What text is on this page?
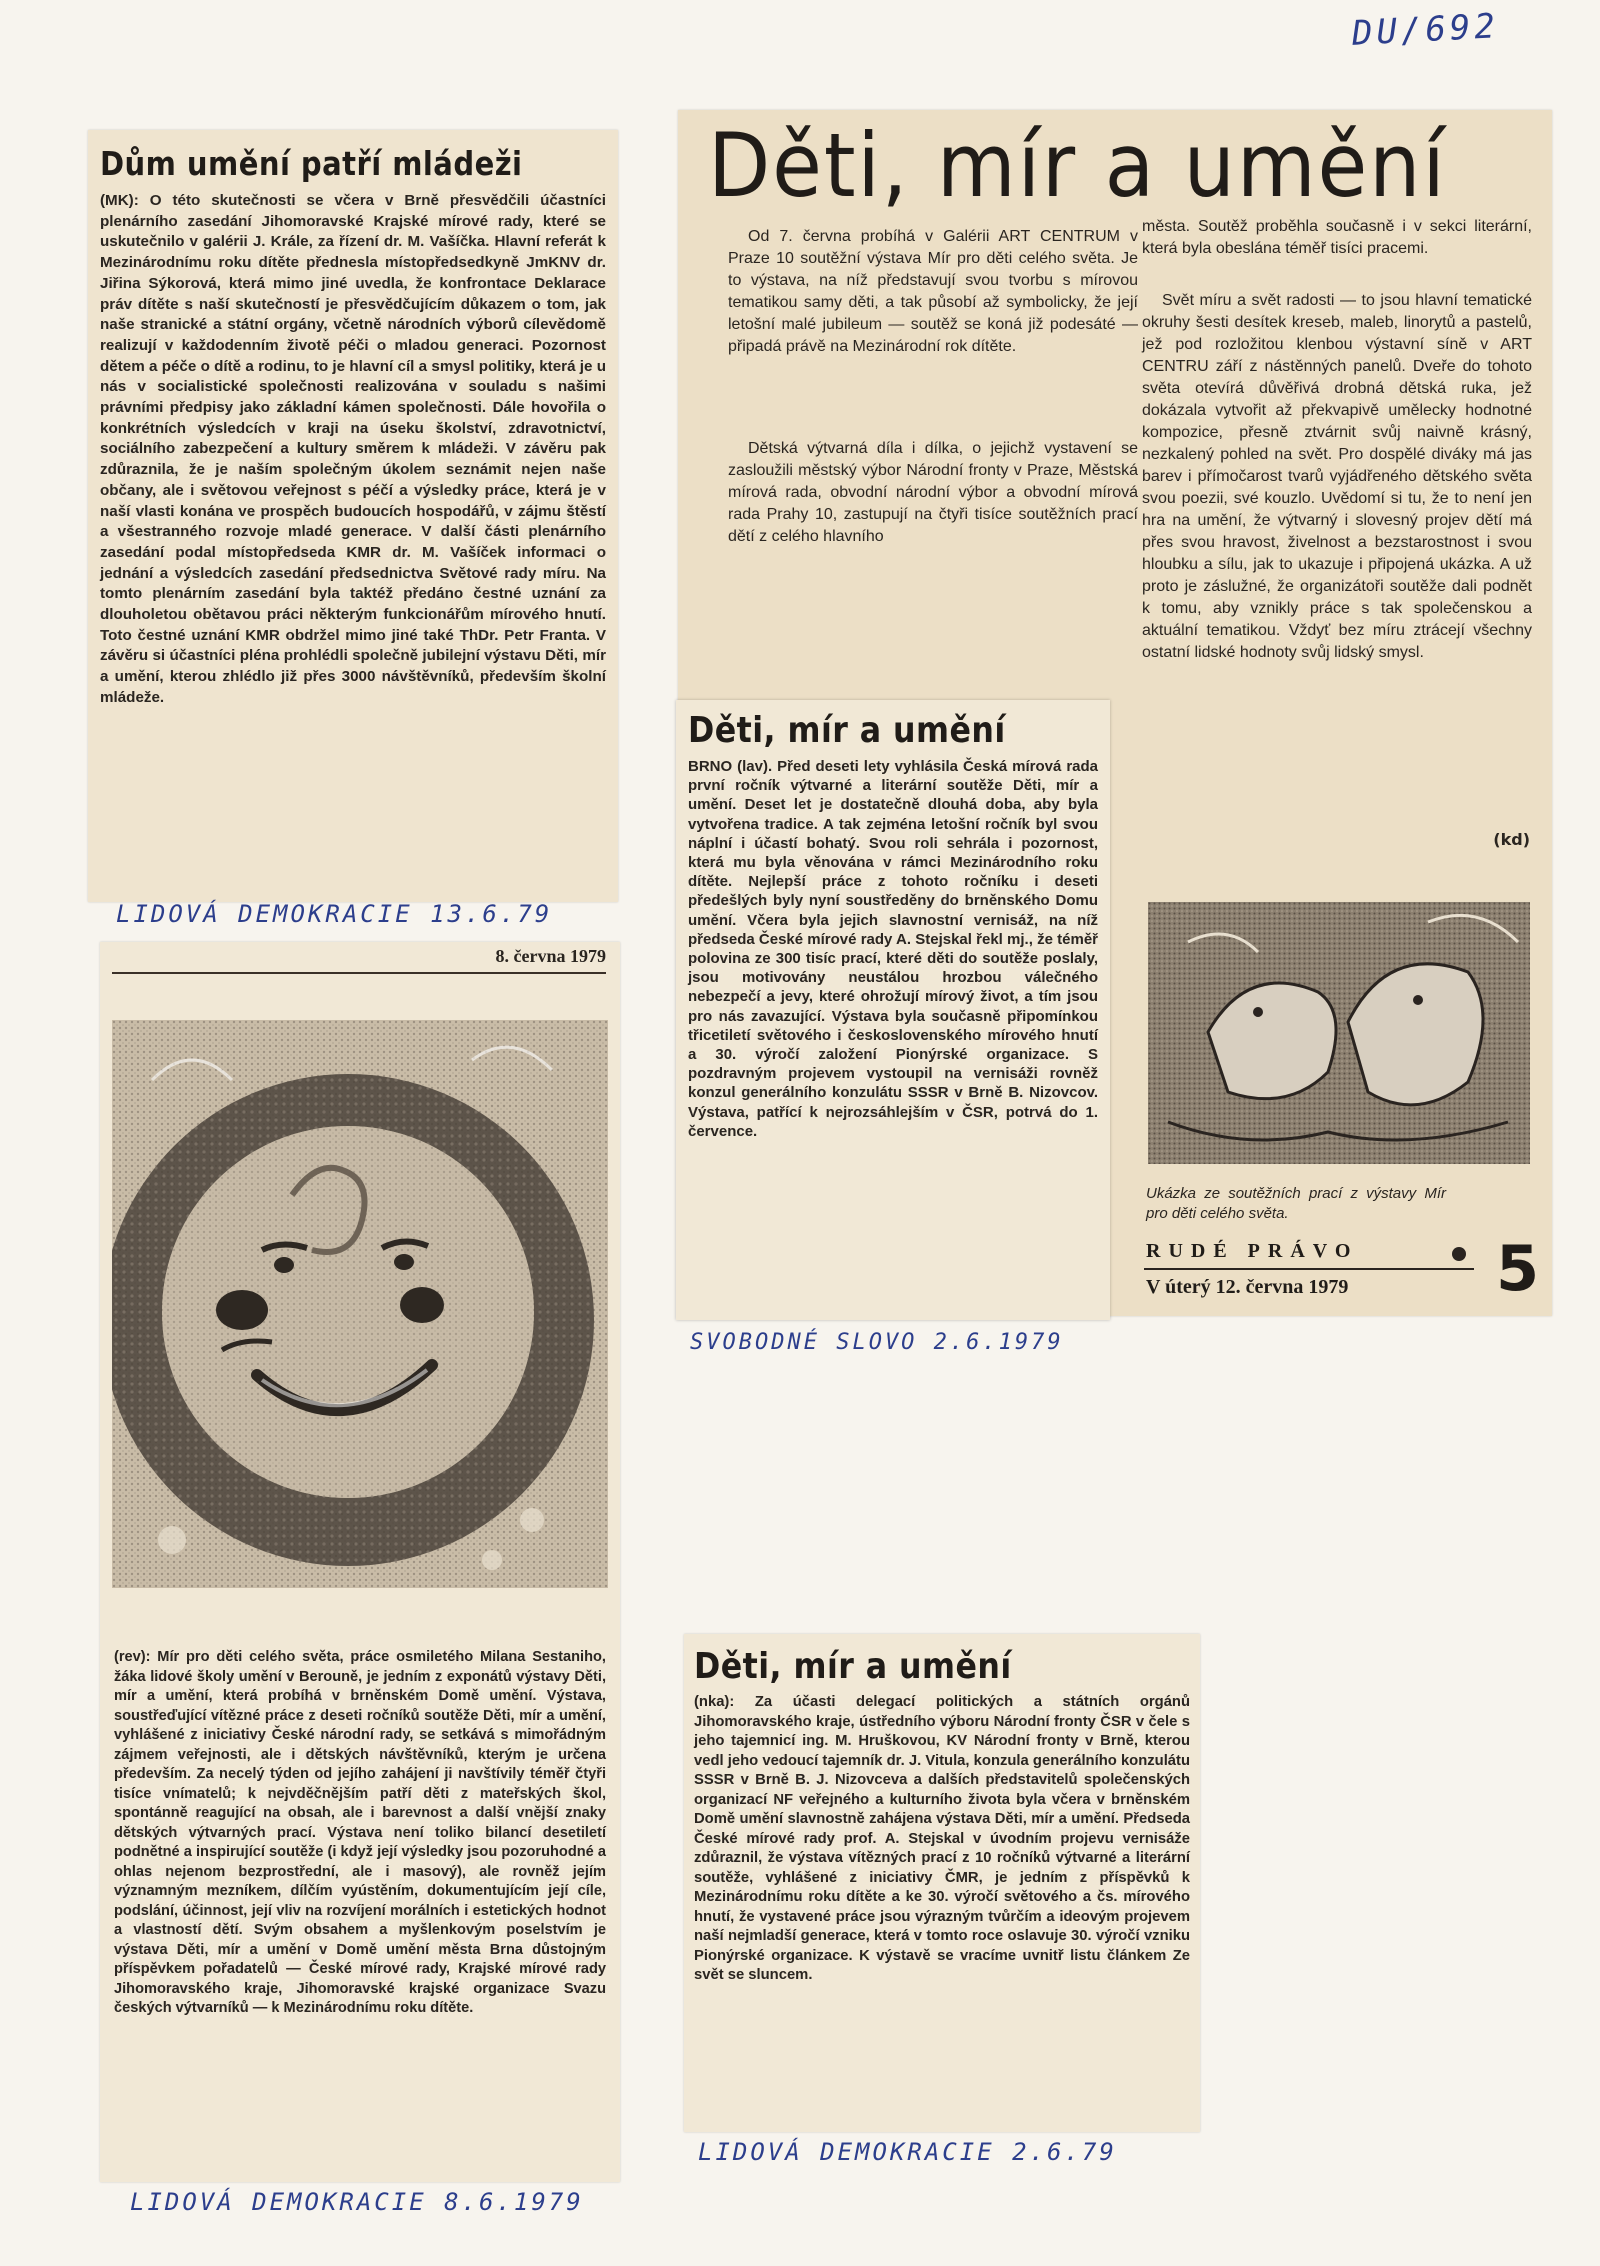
DU/692
Dům umění patří mládeži

(MK): O této skutečnosti se včera v Brně přesvědčili účastníci plenárního zasedání Jihomoravské Krajské mírové rady, které se uskutečnilo v galérii J. Krále, za řízení dr. M. Vašíčka. Hlavní referát k Mezinárodnímu roku dítěte přednesla místopředsedkyně JmKNV dr. Jiřina Sýkorová, která mimo jiné uvedla, že konfrontace Deklarace práv dítěte s naší skutečností je přesvědčujícím důkazem o tom, jak naše stranické a státní orgány, včetně národních výborů cílevědomě realizují v každodenním životě péči o mladou generaci. Pozornost dětem a péče o dítě a rodinu, to je hlavní cíl a smysl politiky, která je u nás v socialistické společnosti realizována v souladu s našimi právními předpisy jako základní kámen společnosti. Dále hovořila o konkrétních výsledcích v kraji na úseku školství, zdravotnictví, sociálního zabezpečení a kultury směrem k mládeži. V závěru pak zdůraznila, že je naším společným úkolem seznámit nejen naše občany, ale i světovou veřejnost s péčí a výsledky práce, která je v naší vlasti konána ve prospěch budoucích hospodářů, v zájmu štěstí a všestranného rozvoje mladé generace. V další části plenárního zasedání podal místopředseda KMR dr. M. Vašíček informaci o jednání a výsledcích zasedání předsednictva Světové rady míru. Na tomto plenárním zasedání byla taktéž předáno čestné uznání za dlouholetou obětavou práci některým funkcionářům mírového hnutí. Toto čestné uznání KMR obdržel mimo jiné také ThDr. Petr Franta. V závěru si účastníci pléna prohlédli společně jubilejní výstavu Děti, mír a umění, kterou zhlédlo již přes 3000 návštěvníků, především školní mládeže.

LIDOVÁ DEMOKRACIE 13.6.79
8. června 1979

(rev): Mír pro děti celého světa, práce osmiletého Milana Sestaniho, žáka lidové školy umění v Berouně, je jedním z exponátů výstavy Děti, mír a umění, která probíhá v brněnském Domě umění. Výstava, soustřeďující vítězné práce z deseti ročníků soutěže Děti, mír a umění, vyhlášené z iniciativy České národní rady, se setkává s mimořádným zájmem veřejnosti, ale i dětských návštěvníků, kterým je určena především. Za necelý týden od jejího zahájení ji navštívily téměř čtyři tisíce vnímatelů; k nejvděčnějším patří děti z mateřských škol, spontánně reagující na obsah, ale i barevnost a další vnější znaky dětských výtvarných prací. Výstava není toliko bilancí desetiletí podnětné a inspirující soutěže (i když její výsledky jsou pozoruhodné a ohlas nejenom bezprostřední, ale i masový), ale rovněž jejím významným mezníkem, dílčím vyústěním, dokumentujícím její cíle, podslání, účinnost, její vliv na rozvíjení morálních i estetických hodnot a vlastností dětí. Svým obsahem a myšlenkovým poselstvím je výstava Děti, mír a umění v Domě umění města Brna důstojným příspěvkem pořadatelů — České mírové rady, Krajské mírové rady Jihomoravského kraje, Jihomoravské krajské organizace Svazu českých výtvarníků — k Mezinárodnímu roku dítěte.

LIDOVÁ DEMOKRACIE 8.6.1979
Děti, mír a umění

Od 7. června probíhá v Galérii ART CENTRUM v Praze 10 soutěžní výstava Mír pro děti celého světa. Je to výstava, na níž představují svou tvorbu s mírovou tematikou samy děti, a tak působí až symbolicky, že její letošní malé jubileum — soutěž se koná již podesáté — připadá právě na Mezinárodní rok dítěte.

Dětská výtvarná díla i dílka, o jejichž vystavení se zasloužili městský výbor Národní fronty v Praze, Městská mírová rada, obvodní národní výbor a obvodní mírová rada Prahy 10, zastupují na čtyři tisíce soutěžních prací dětí z celého hlavního

města. Soutěž proběhla současně i v sekci literární, která byla obeslána téměř tisíci pracemi.

Svět míru a svět radosti — to jsou hlavní tematické okruhy šesti desítek kreseb, maleb, linorytů a pastelů, jež pod rozložitou klenbou výstavní síně v ART CENTRU září z nástěnných panelů. Dveře do tohoto světa otevírá důvěřivá drobná dětská ruka, jež dokázala vytvořit až překvapivě umělecky hodnotné kompozice, přesně ztvárnit svůj naivně krásný, nezkalený pohled na svět. Pro dospělé diváky má jas barev i přímočarost tvarů vyjádřeného dětského světa svou poezii, své kouzlo. Uvědomí si tu, že to není jen hra na umění, že výtvarný i slovesný projev dětí má přes svou hravost, živelnost a bezstarostnost i svou hloubku a sílu, jak to ukazuje i připojená ukázka. A už proto je záslužné, že organizátoři soutěže dali podnět k tomu, aby vznikly práce s tak společenskou a aktuální tematikou. Vždyť bez míru ztrácejí všechny ostatní lidské hodnoty svůj lidský smysl.

(kd)

Ukázka ze soutěžních prací z výstavy Mír pro děti celého světa.

RUDÉ PRÁVO
V úterý 12. června 1979 5
Děti, mír a umění

BRNO (lav). Před deseti lety vyhlásila Česká mírová rada první ročník výtvarné a literární soutěže Děti, mír a umění. Deset let je dostatečně dlouhá doba, aby byla vytvořena tradice. A tak zejména letošní ročník byl svou náplní i účastí bohatý. Svou roli sehrála i pozornost, která mu byla věnována v rámci Mezinárodního roku dítěte. Nejlepší práce z tohoto ročníku i deseti předešlých byly nyní soustředěny do brněnského Domu umění. Včera byla jejich slavnostní vernisáž, na níž předseda České mírové rady A. Stejskal řekl mj., že téměř polovina ze 300 tisíc prací, které děti do soutěže poslaly, jsou motivovány neustálou hrozbou válečného nebezpečí a jevy, které ohrožují mírový život, a tím jsou pro nás zavazující. Výstava byla současně připomínkou třicetiletí světového i československého mírového hnutí a 30. výročí založení Pionýrské organizace. S pozdravným projevem vystoupil na vernisáži rovněž konzul generálního konzulátu SSSR v Brně B. Nizovcov. Výstava, patřící k nejrozsáhlejším v ČSR, potrvá do 1. července.

SVOBODNÉ SLOVO 2.6.1979
Děti, mír a umění

(nka): Za účasti delegací politických a státních orgánů Jihomoravského kraje, ústředního výboru Národní fronty ČSR v čele s jeho tajemnicí ing. M. Hruškovou, KV Národní fronty v Brně, kterou vedl jeho vedoucí tajemník dr. J. Vitula, konzula generálního konzulátu SSSR v Brně B. J. Nizovceva a dalších představitelů společenských organizací NF veřejného a kulturního života byla včera v brněnském Domě umění slavnostně zahájena výstava Děti, mír a umění. Předseda České mírové rady prof. A. Stejskal v úvodním projevu vernisáže zdůraznil, že výstava vítězných prací z 10 ročníků výtvarné a literární soutěže, vyhlášené z iniciativy ČMR, je jedním z příspěvků k Mezinárodnímu roku dítěte a ke 30. výročí světového a čs. mírového hnutí, že vystavené práce jsou výrazným tvůrčím a ideovým projevem naší nejmladší generace, která v tomto roce oslavuje 30. výročí vzniku Pionýrské organizace. K výstavě se vracíme uvnitř listu článkem Ze svět se sluncem.

LIDOVÁ DEMOKRACIE 2.6.79
